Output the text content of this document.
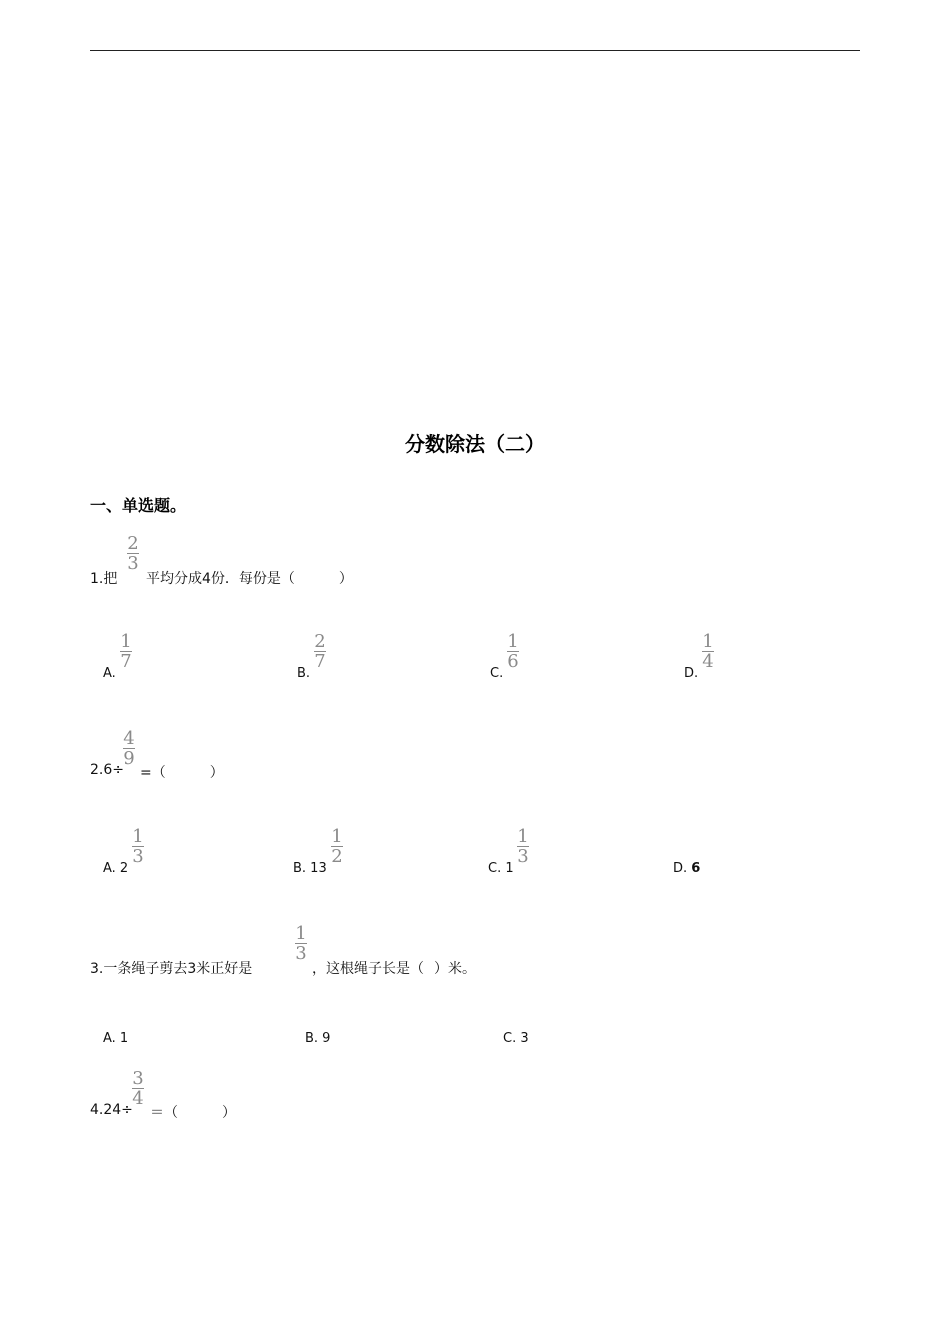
分数除法（二）
一、单选题。
1.把
2
3
平均分成4份．每份是（	）
A.
1
7
B.
2
7
C.
1
6
D.
1
4
2.6÷
4
9
=（	）
A. 2
1
3
B. 13
1
2
C. 1
1
3
D. 6
3.一条绳子剪去3米正好是
1
3
，这根绳子长是（ ）米。
A. 1	B. 9	C. 3
4.24÷
3
4
＝（	）
